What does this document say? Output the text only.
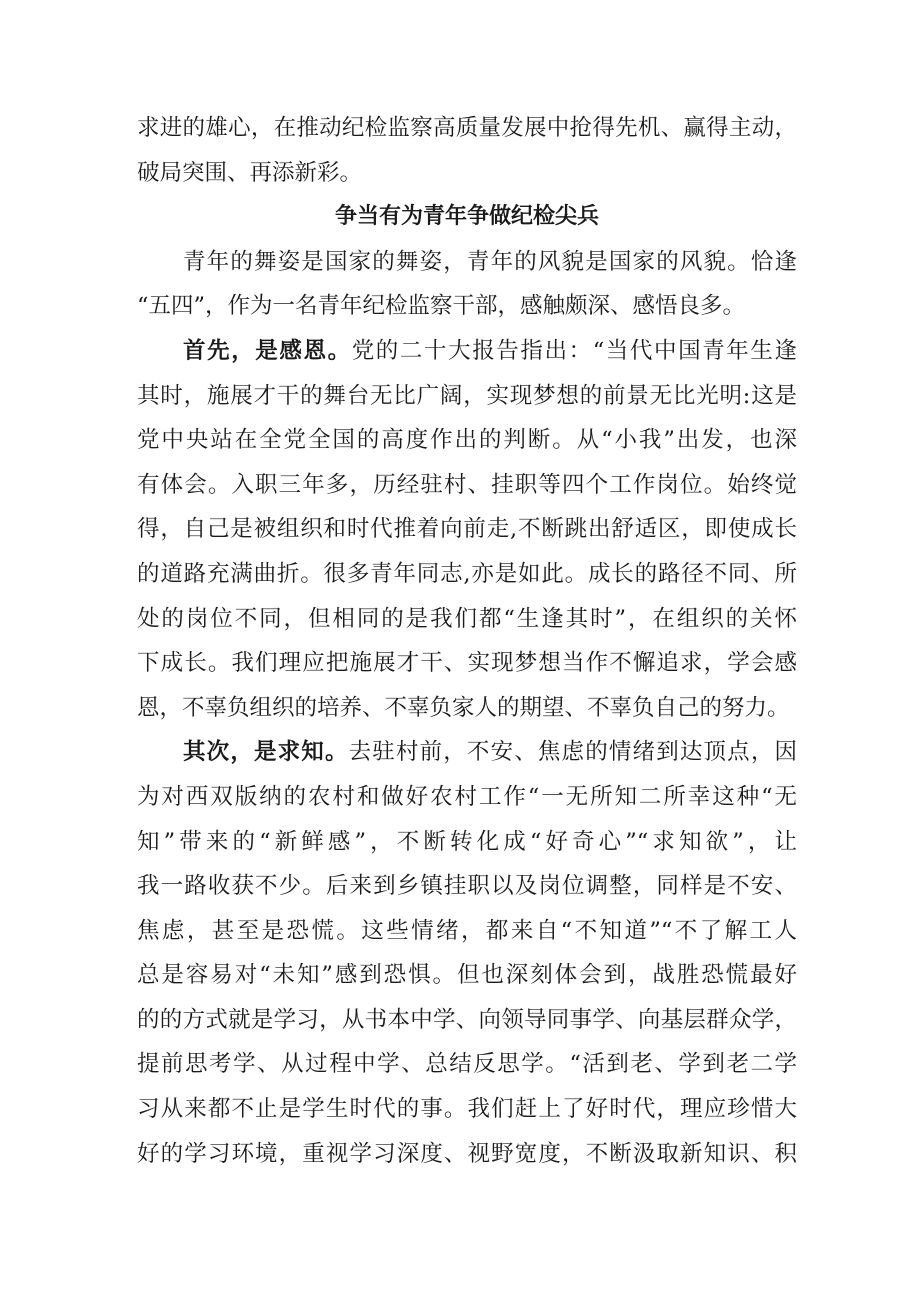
求进的雄心，在推动纪检监察高质量发展中抢得先机、赢得主动，
破局突围、再添新彩。
争当有为青年争做纪检尖兵
青年的舞姿是国家的舞姿，青年的风貌是国家的风貌。恰逢
“五四”，作为一名青年纪检监察干部，感触颇深、感悟良多。
首先，是感恩。党的二十大报告指出：“当代中国青年生逢
其时，施展才干的舞台无比广阔，实现梦想的前景无比光明:这是
党中央站在全党全国的高度作出的判断。从“小我”出发，也深
有体会。入职三年多，历经驻村、挂职等四个工作岗位。始终觉
得，自己是被组织和时代推着向前走,不断跳出舒适区，即使成长
的道路充满曲折。很多青年同志,亦是如此。成长的路径不同、所
处的岗位不同，但相同的是我们都“生逢其时”，在组织的关怀
下成长。我们理应把施展才干、实现梦想当作不懈追求，学会感
恩，不辜负组织的培养、不辜负家人的期望、不辜负自己的努力。
其次，是求知。去驻村前，不安、焦虑的情绪到达顶点，因
为对西双版纳的农村和做好农村工作“一无所知二所幸这种“无
知”带来的“新鲜感”，不断转化成“好奇心”“求知欲”，让
我一路收获不少。后来到乡镇挂职以及岗位调整，同样是不安、
焦虑，甚至是恐慌。这些情绪，都来自“不知道”“不了解工人
总是容易对“未知”感到恐惧。但也深刻体会到，战胜恐慌最好
的的方式就是学习，从书本中学、向领导同事学、向基层群众学，
提前思考学、从过程中学、总结反思学。“活到老、学到老二学
习从来都不止是学生时代的事。我们赶上了好时代，理应珍惜大
好的学习环境，重视学习深度、视野宽度，不断汲取新知识、积
